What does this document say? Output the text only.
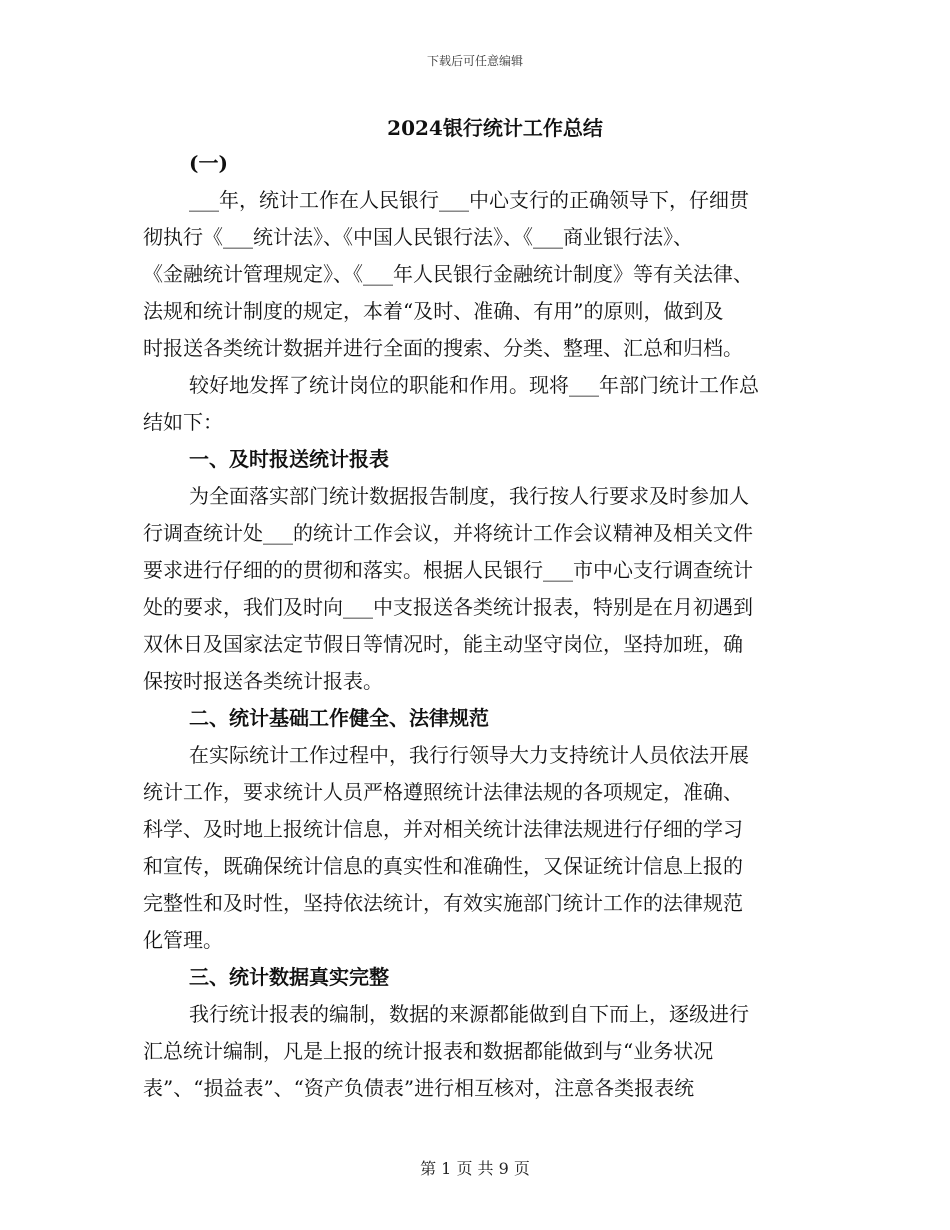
下载后可任意编辑
2024银行统计工作总结

(一)

___年，统计工作在人民银行___中心支行的正确领导下，仔细贯
彻执行《___统计法》、《中国人民银行法》、《___商业银行法》、
《金融统计管理规定》、《___年人民银行金融统计制度》等有关法律、
法规和统计制度的规定，本着“及时、准确、有用”的原则，做到及
时报送各类统计数据并进行全面的搜索、分类、整理、汇总和归档。

较好地发挥了统计岗位的职能和作用。现将___年部门统计工作总
结如下：

一、及时报送统计报表

为全面落实部门统计数据报告制度，我行按人行要求及时参加人
行调查统计处___的统计工作会议，并将统计工作会议精神及相关文件
要求进行仔细的的贯彻和落实。根据人民银行___市中心支行调查统计
处的要求，我们及时向___中支报送各类统计报表，特别是在月初遇到
双休日及国家法定节假日等情况时，能主动坚守岗位，坚持加班，确
保按时报送各类统计报表。

二、统计基础工作健全、法律规范

在实际统计工作过程中，我行行领导大力支持统计人员依法开展
统计工作，要求统计人员严格遵照统计法律法规的各项规定，准确、
科学、及时地上报统计信息，并对相关统计法律法规进行仔细的学习
和宣传，既确保统计信息的真实性和准确性，又保证统计信息上报的
完整性和及时性，坚持依法统计，有效实施部门统计工作的法律规范
化管理。

三、统计数据真实完整

我行统计报表的编制，数据的来源都能做到自下而上，逐级进行
汇总统计编制，凡是上报的统计报表和数据都能做到与“业务状况
表”、“损益表”、“资产负债表”进行相互核对，注意各类报表统

第 1 页 共 9 页
